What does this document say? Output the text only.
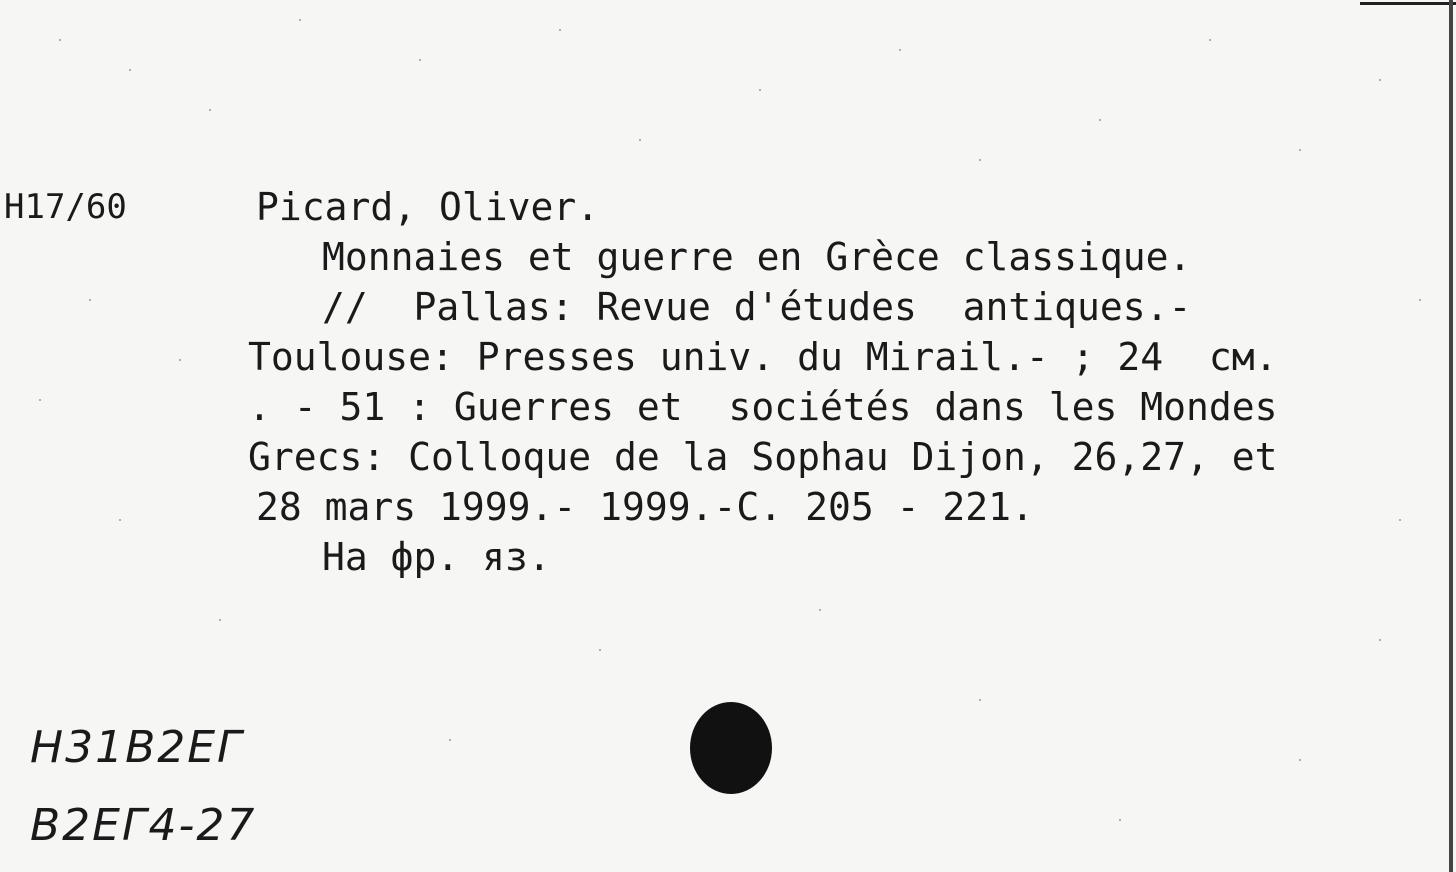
H17/60	Picard, Oliver.
Monnaies et guerre en Grèce classique.
//  Pallas: Revue d'études  antiques.-
Toulouse: Presses univ. du Mirail.- ; 24  см.
. - 51 : Guerres et  sociétés dans les Mondes
Grecs: Colloque de la Sophau Dijon, 26,27, et
28 mars 1999.- 1999.-C. 205 - 221.
На фр. яз.
Н31В2ЕГ
В2ЕГ4-27
